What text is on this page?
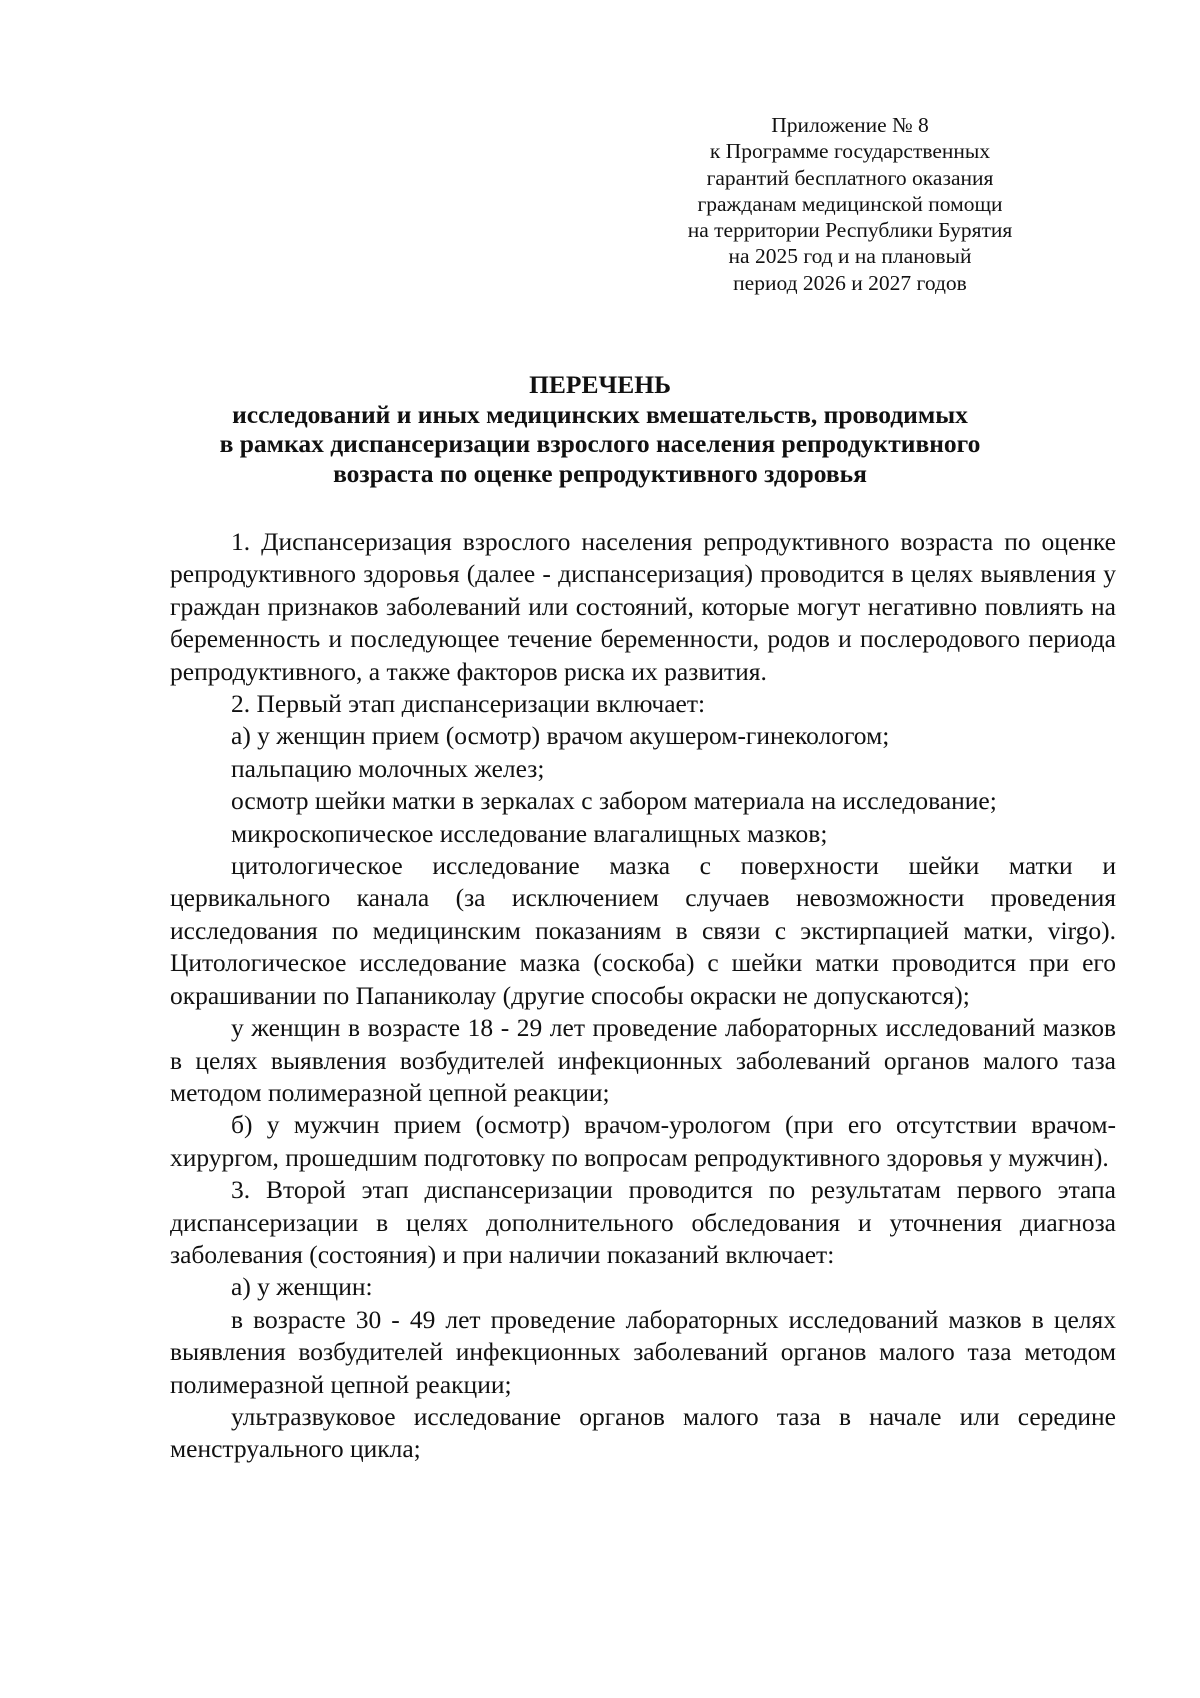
Приложение № 8
к Программе государственных
гарантий бесплатного оказания
гражданам медицинской помощи
на территории Республики Бурятия
на 2025 год и на плановый
период 2026 и 2027 годов
ПЕРЕЧЕНЬ
исследований и иных медицинских вмешательств, проводимых
в рамках диспансеризации взрослого населения репродуктивного
возраста по оценке репродуктивного здоровья

1. Диспансеризация взрослого населения репродуктивного возраста по оценке репродуктивного здоровья (далее - диспансеризация) проводится в целях выявления у граждан признаков заболеваний или состояний, которые могут негативно повлиять на беременность и последующее течение беременности, родов и послеродового периода репродуктивного, а также факторов риска их развития.

2. Первый этап диспансеризации включает:

а) у женщин прием (осмотр) врачом акушером-гинекологом;

пальпацию молочных желез;

осмотр шейки матки в зеркалах с забором материала на исследование;

микроскопическое исследование влагалищных мазков;

цитологическое исследование мазка с поверхности шейки матки и цервикального канала (за исключением случаев невозможности проведения исследования по медицинским показаниям в связи с экстирпацией матки, virgo). Цитологическое исследование мазка (соскоба) с шейки матки проводится при его окрашивании по Папаниколау (другие способы окраски не допускаются);

у женщин в возрасте 18 - 29 лет проведение лабораторных исследований мазков в целях выявления возбудителей инфекционных заболеваний органов малого таза методом полимеразной цепной реакции;

б) у мужчин прием (осмотр) врачом-урологом (при его отсутствии врачом-хирургом, прошедшим подготовку по вопросам репродуктивного здоровья у мужчин).

3. Второй этап диспансеризации проводится по результатам первого этапа диспансеризации в целях дополнительного обследования и уточнения диагноза заболевания (состояния) и при наличии показаний включает:

а) у женщин:

в возрасте 30 - 49 лет проведение лабораторных исследований мазков в целях выявления возбудителей инфекционных заболеваний органов малого таза методом полимеразной цепной реакции;

ультразвуковое исследование органов малого таза в начале или середине менструального цикла;
